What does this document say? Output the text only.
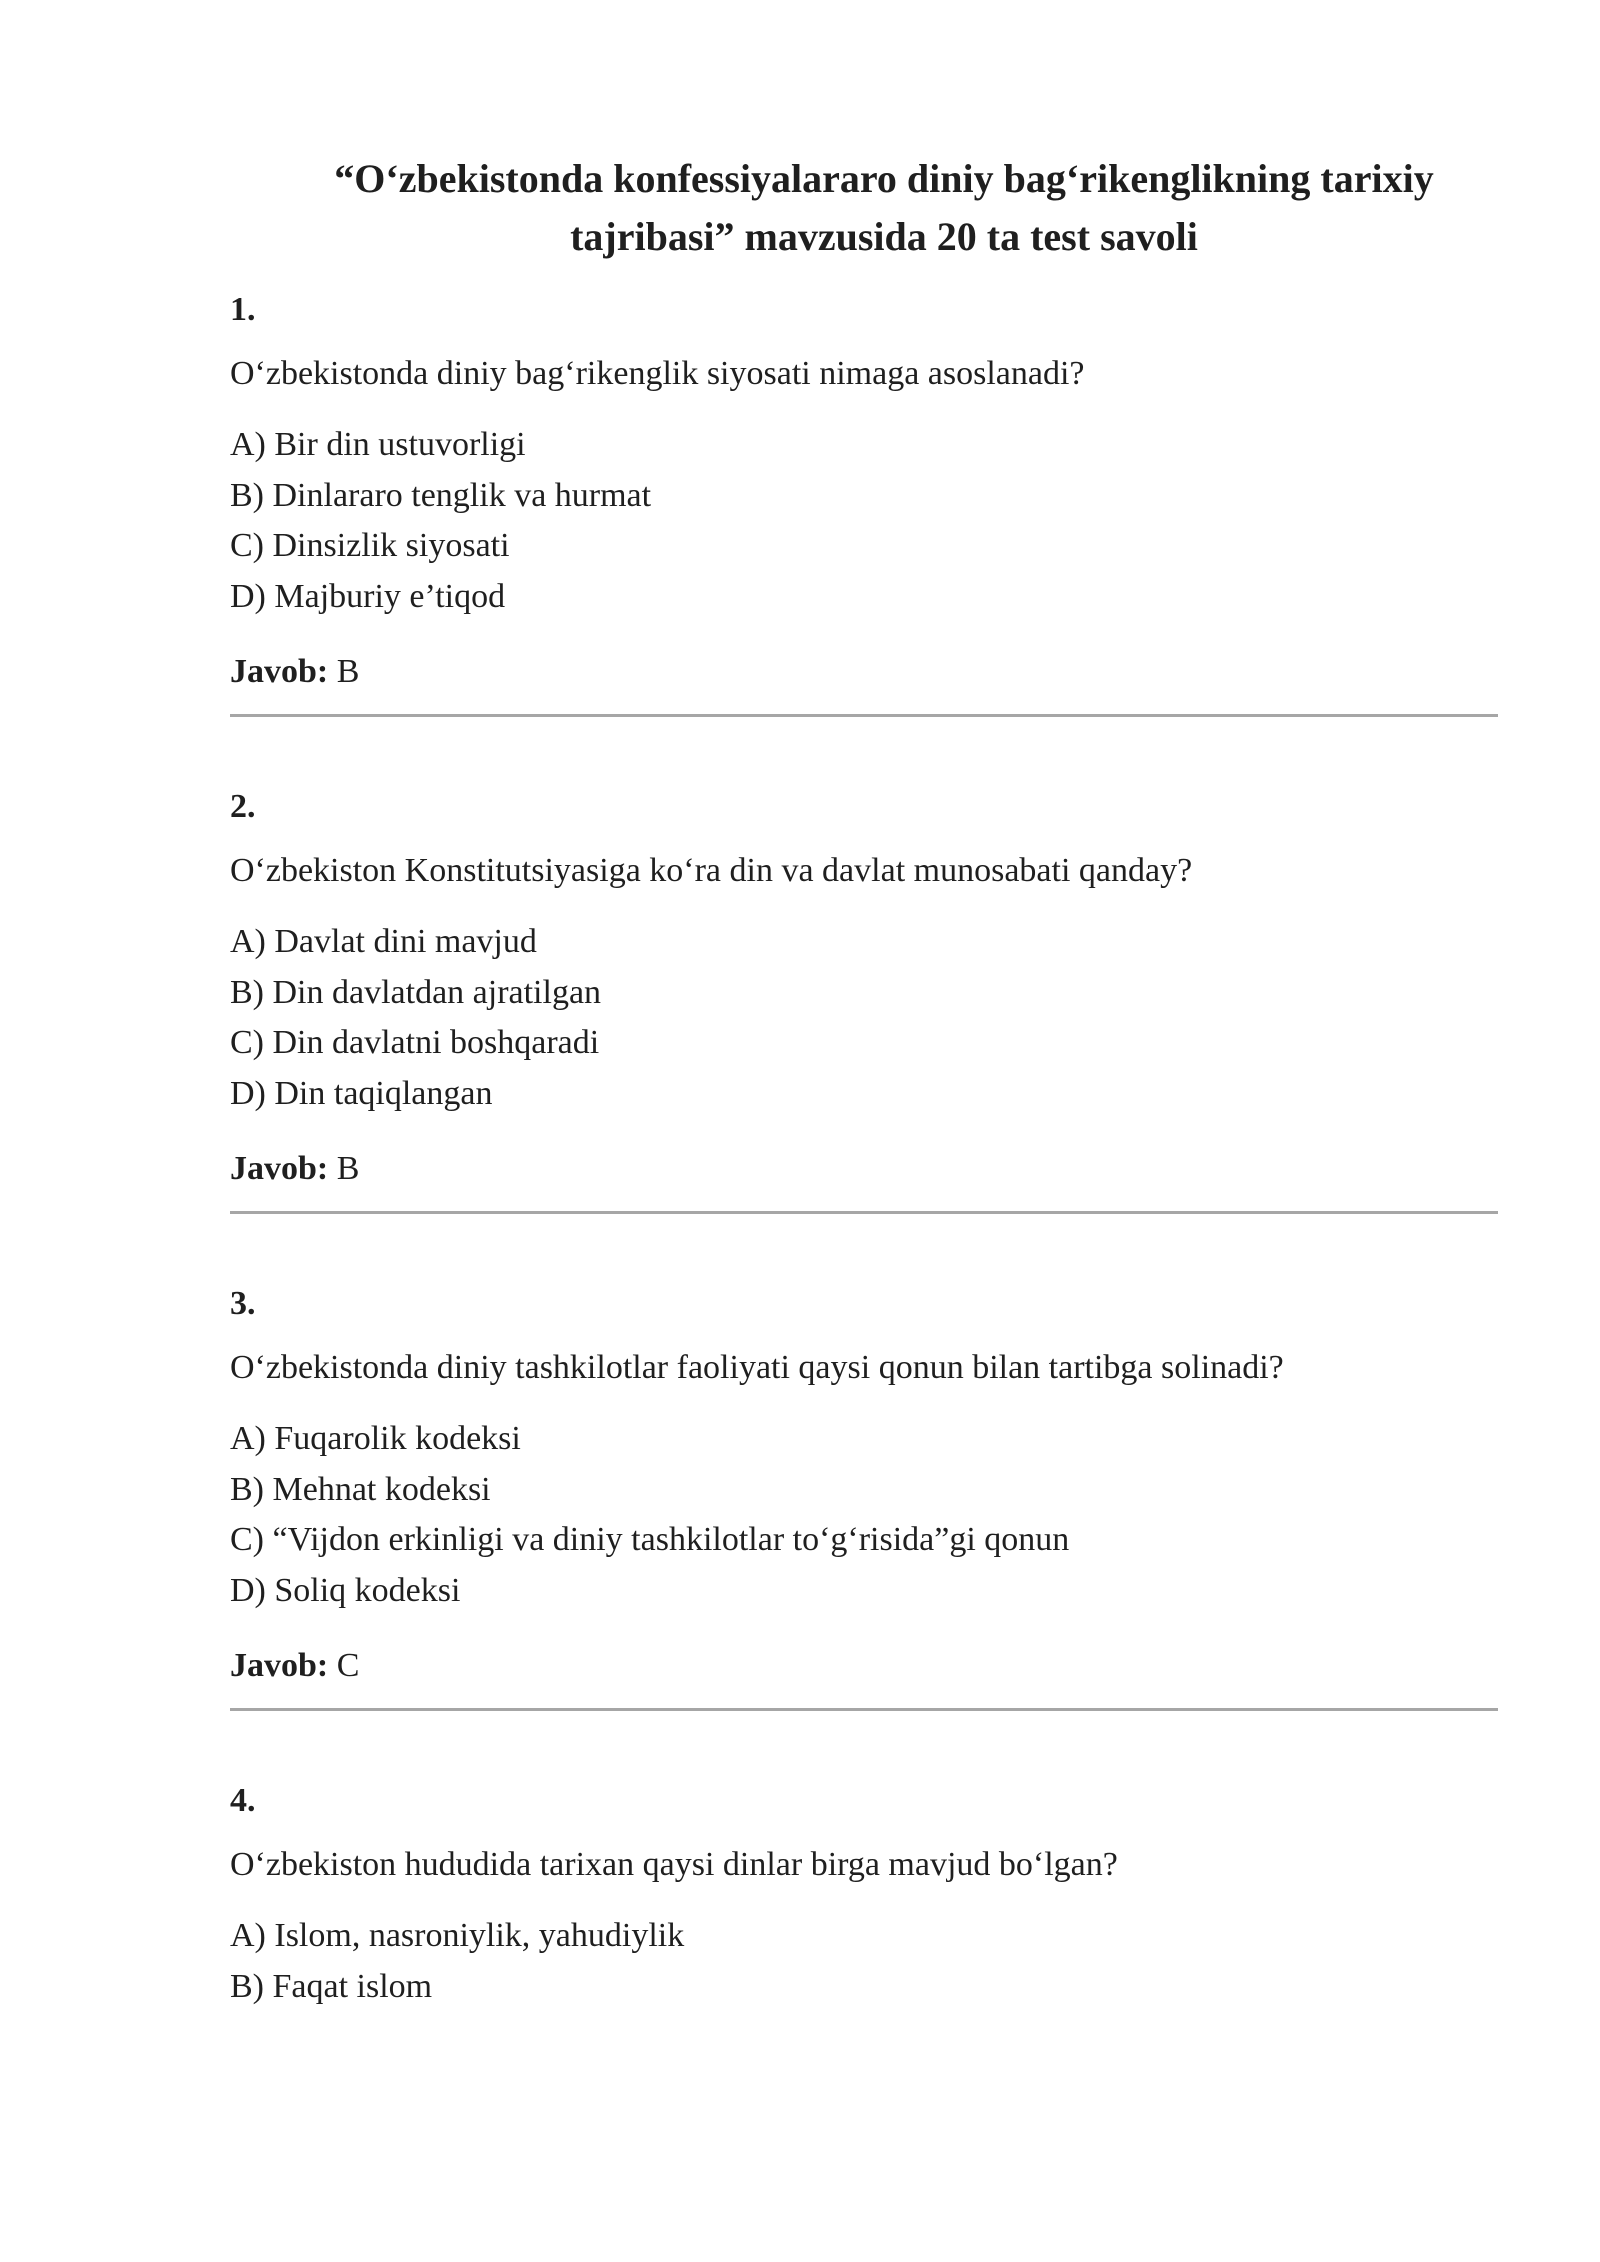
“O‘zbekistonda konfessiyalararo diniy bag‘rikenglikning tarixiy tajribasi” mavzusida 20 ta test savoli
1.

O‘zbekistonda diniy bag‘rikenglik siyosati nimaga asoslanadi?

A) Bir din ustuvorligi
B) Dinlararo tenglik va hurmat
C) Dinsizlik siyosati
D) Majburiy e’tiqod

Javob: B

2.

O‘zbekiston Konstitutsiyasiga ko‘ra din va davlat munosabati qanday?

A) Davlat dini mavjud
B) Din davlatdan ajratilgan
C) Din davlatni boshqaradi
D) Din taqiqlangan

Javob: B

3.

O‘zbekistonda diniy tashkilotlar faoliyati qaysi qonun bilan tartibga solinadi?

A) Fuqarolik kodeksi
B) Mehnat kodeksi
C) “Vijdon erkinligi va diniy tashkilotlar to‘g‘risida”gi qonun
D) Soliq kodeksi

Javob: C

4.

O‘zbekiston hududida tarixan qaysi dinlar birga mavjud bo‘lgan?

A) Islom, nasroniylik, yahudiylik
B) Faqat islom
